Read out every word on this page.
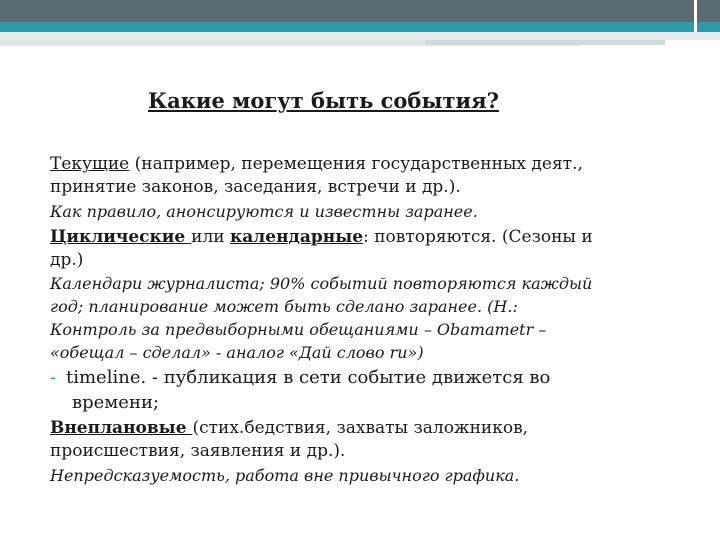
Какие могут быть события?

Текущие (например, перемещения государственных деят.,
принятие законов, заседания, встречи и др.).

Как правило, анонсируются и известны заранее.

Циклические или календарные: повторяются. (Сезоны и
др.)

Календари журналиста; 90% событий повторяются каждый
год; планирование может быть сделано заранее. (Н.:
Контроль за предвыборными обещаниями – Obamametr –
«обещал – сделал» - аналог «Дай слово ru»)

- timeline. - публикация в сети событие движется во
времени;

Внеплановые (стих.бедствия, захваты заложников,
происшествия, заявления и др.).

Непредсказуемость, работа вне привычного графика.
